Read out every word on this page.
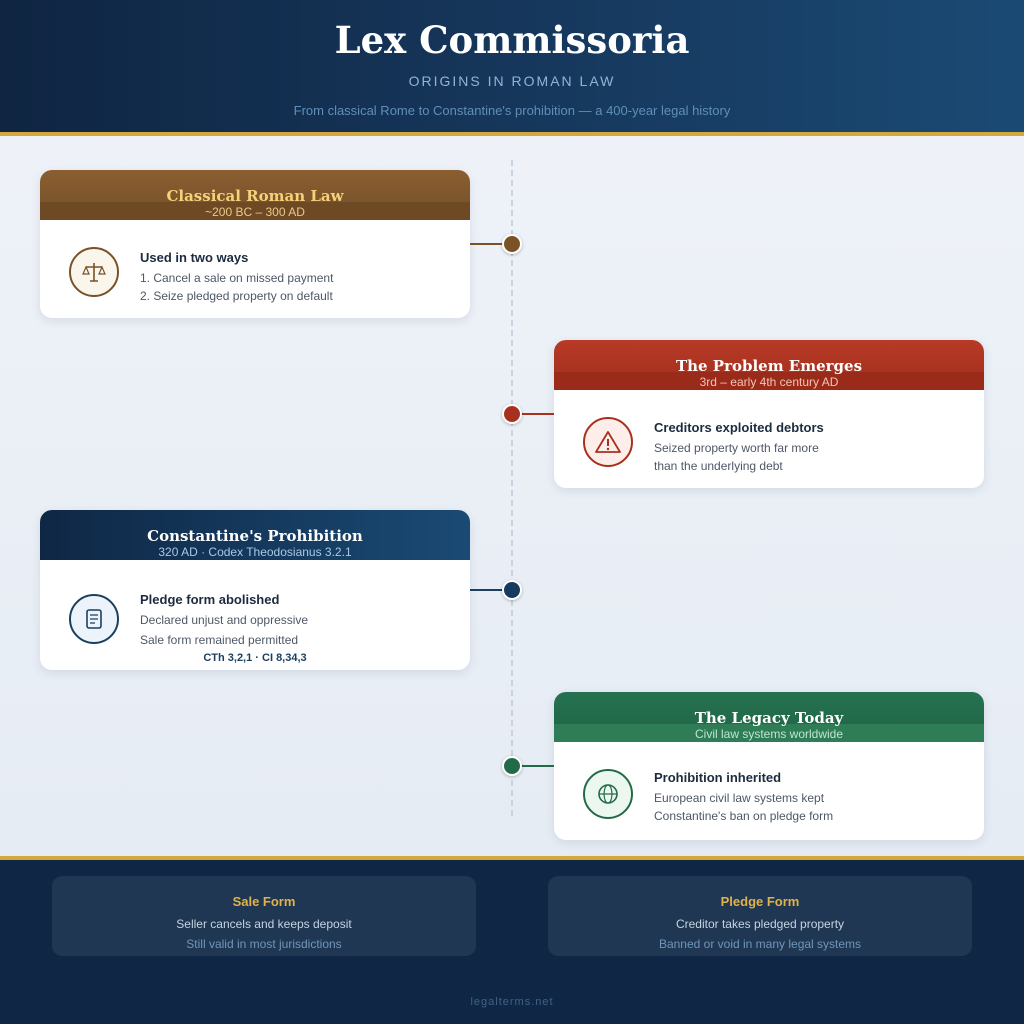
Lex Commissoria
ORIGINS IN ROMAN LAW
From classical Rome to Constantine's prohibition — a 400-year legal history
Classical Roman Law
~200 BC – 300 AD
Used in two ways
1. Cancel a sale on missed payment
2. Seize pledged property on default
The Problem Emerges
3rd – early 4th century AD
Creditors exploited debtors
Seized property worth far more
than the underlying debt
Constantine's Prohibition
320 AD · Codex Theodosianus 3.2.1
Pledge form abolished
Declared unjust and oppressive
Sale form remained permitted
CTh 3,2,1 · CI 8,34,3
The Legacy Today
Civil law systems worldwide
Prohibition inherited
European civil law systems kept
Constantine's ban on pledge form
Sale Form
Seller cancels and keeps deposit
Still valid in most jurisdictions
Pledge Form
Creditor takes pledged property
Banned or void in many legal systems
legalterms.net
